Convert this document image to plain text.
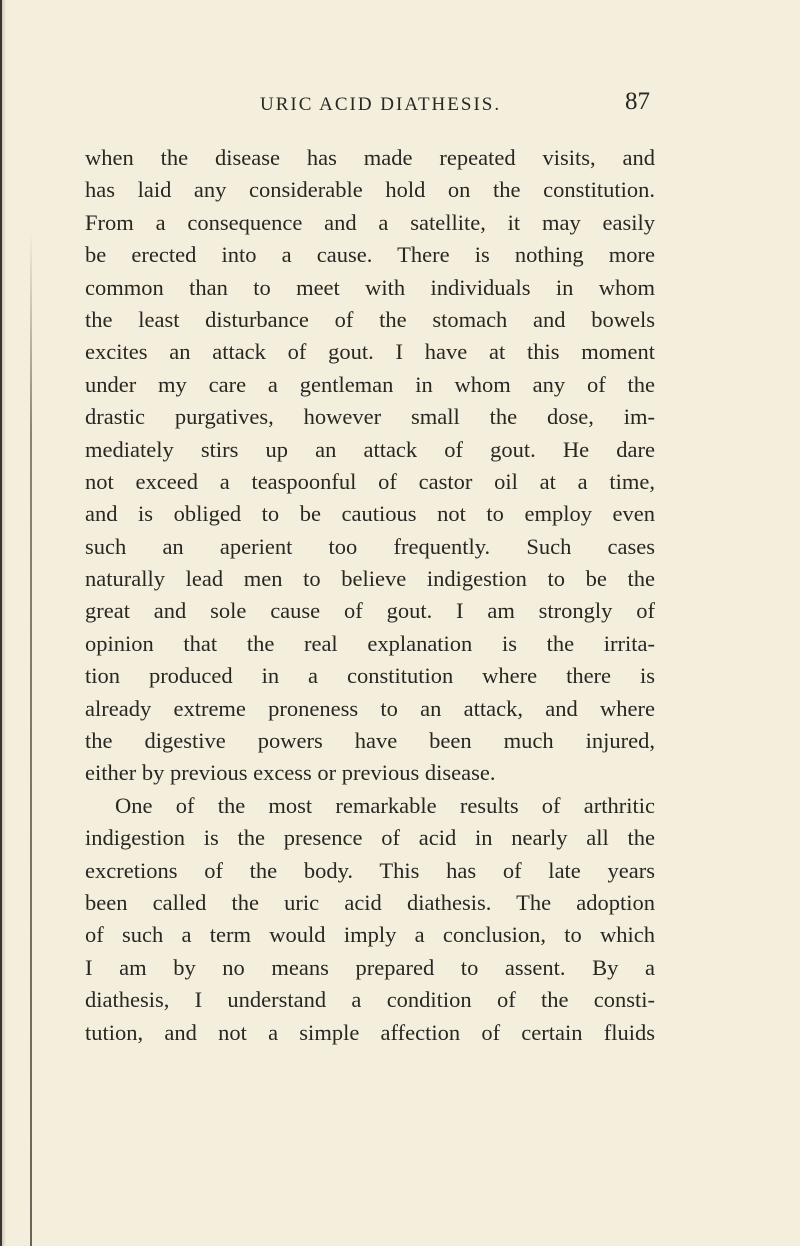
URIC ACID DIATHESIS.	87
when the disease has made repeated visits, and
has laid any considerable hold on the constitution.
From a consequence and a satellite, it may easily
be erected into a cause. There is nothing more
common than to meet with individuals in whom
the least disturbance of the stomach and bowels
excites an attack of gout. I have at this moment
under my care a gentleman in whom any of the
drastic purgatives, however small the dose, im-
mediately stirs up an attack of gout. He dare
not exceed a teaspoonful of castor oil at a time,
and is obliged to be cautious not to employ even
such an aperient too frequently. Such cases
naturally lead men to believe indigestion to be the
great and sole cause of gout. I am strongly of
opinion that the real explanation is the irrita-
tion produced in a constitution where there is
already extreme proneness to an attack, and where
the digestive powers have been much injured,
either by previous excess or previous disease.
One of the most remarkable results of arthritic
indigestion is the presence of acid in nearly all the
excretions of the body. This has of late years
been called the uric acid diathesis. The adoption
of such a term would imply a conclusion, to which
I am by no means prepared to assent. By a
diathesis, I understand a condition of the consti-
tution, and not a simple affection of certain fluids
